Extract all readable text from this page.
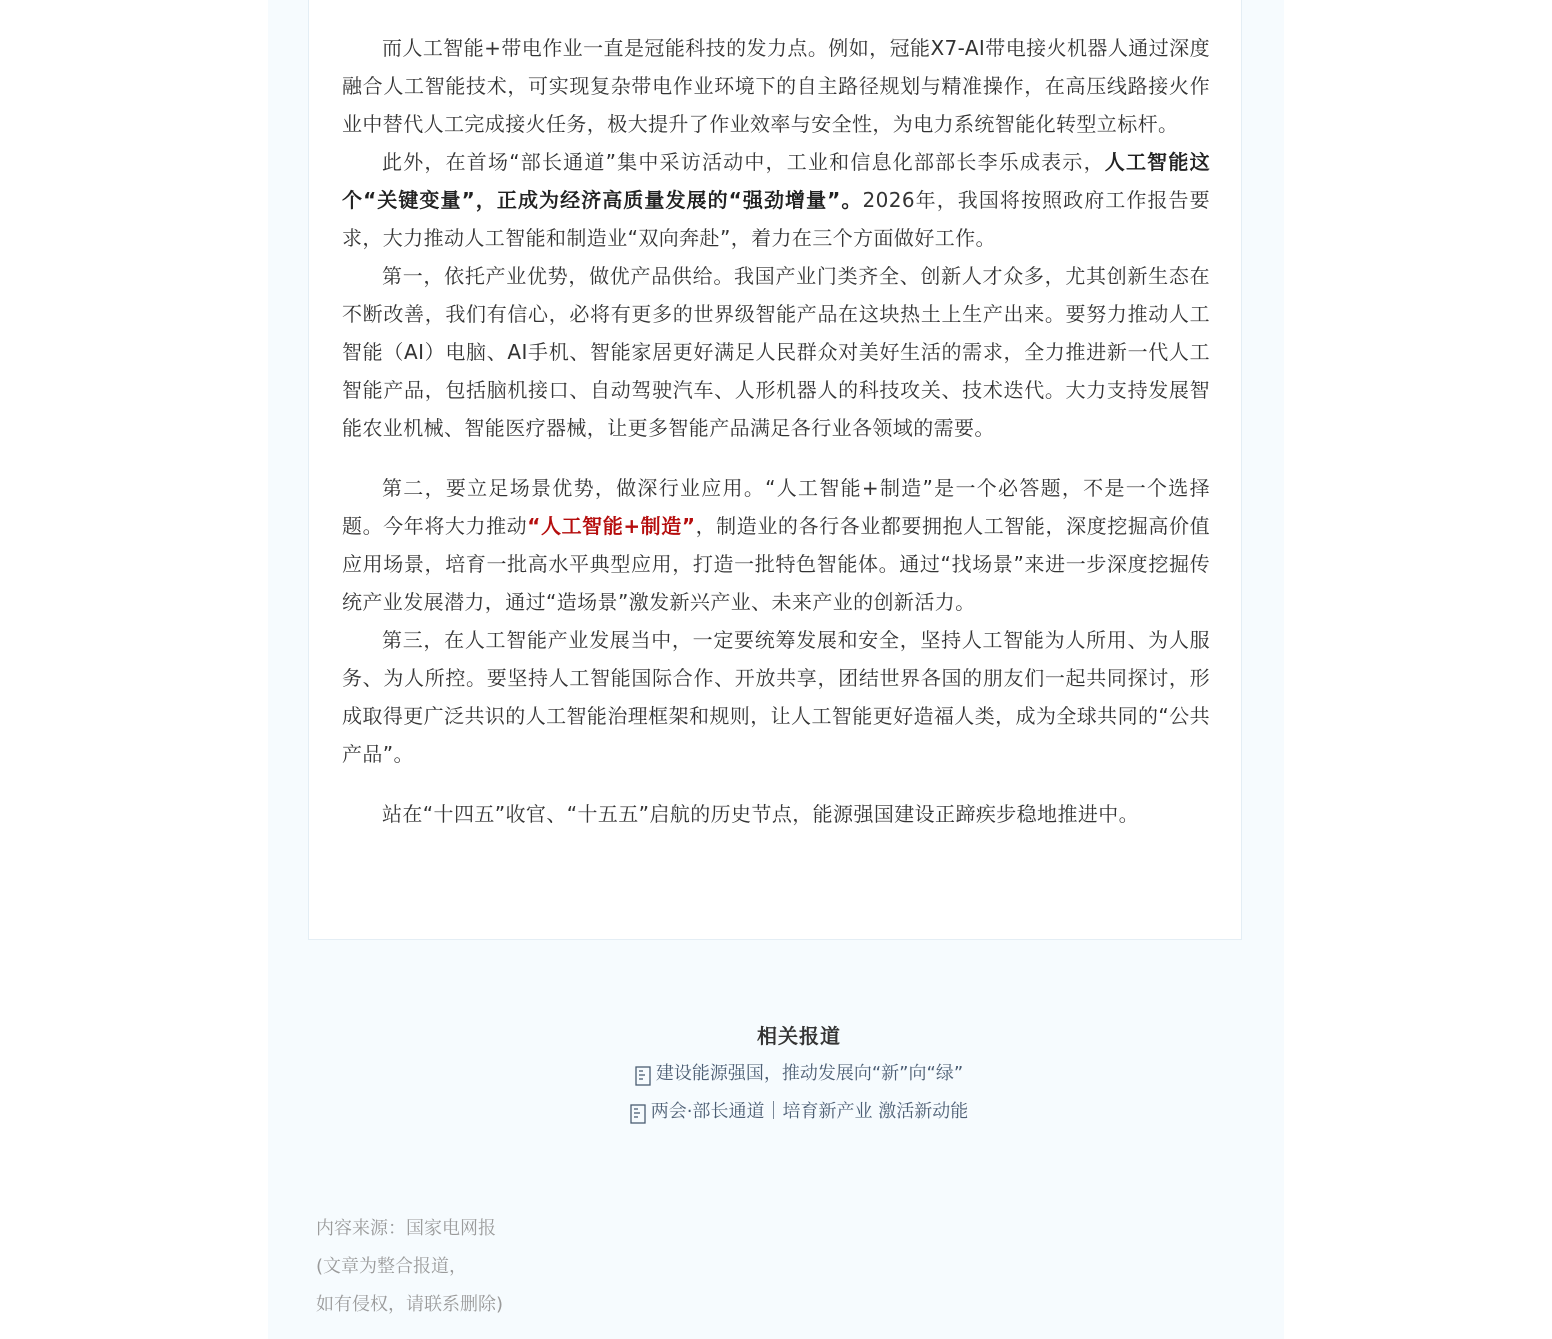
而人工智能+带电作业一直是冠能科技的发力点。例如，冠能X7-AI带电接火机器人通过深度融合人工智能技术，可实现复杂带电作业环境下的自主路径规划与精准操作，在高压线路接火作业中替代人工完成接火任务，极大提升了作业效率与安全性，为电力系统智能化转型立标杆。

此外，在首场“部长通道”集中采访活动中，工业和信息化部部长李乐成表示，人工智能这个“关键变量”，正成为经济高质量发展的“强劲增量”。2026年，我国将按照政府工作报告要求，大力推动人工智能和制造业“双向奔赴”，着力在三个方面做好工作。

第一，依托产业优势，做优产品供给。我国产业门类齐全、创新人才众多，尤其创新生态在不断改善，我们有信心，必将有更多的世界级智能产品在这块热土上生产出来。要努力推动人工智能（AI）电脑、AI手机、智能家居更好满足人民群众对美好生活的需求，全力推进新一代人工智能产品，包括脑机接口、自动驾驶汽车、人形机器人的科技攻关、技术迭代。大力支持发展智能农业机械、智能医疗器械，让更多智能产品满足各行业各领域的需要。

第二，要立足场景优势，做深行业应用。“人工智能+制造”是一个必答题，不是一个选择题。今年将大力推动“人工智能+制造”，制造业的各行各业都要拥抱人工智能，深度挖掘高价值应用场景，培育一批高水平典型应用，打造一批特色智能体。通过“找场景”来进一步深度挖掘传统产业发展潜力，通过“造场景”激发新兴产业、未来产业的创新活力。

第三，在人工智能产业发展当中，一定要统筹发展和安全，坚持人工智能为人所用、为人服务、为人所控。要坚持人工智能国际合作、开放共享，团结世界各国的朋友们一起共同探讨，形成取得更广泛共识的人工智能治理框架和规则，让人工智能更好造福人类，成为全球共同的“公共产品”。

站在“十四五”收官、“十五五”启航的历史节点，能源强国建设正蹄疾步稳地推进中。

相关报道
建设能源强国，推动发展向“新”向“绿”
两会·部长通道｜培育新产业 激活新动能
内容来源：国家电网报
(文章为整合报道，
如有侵权，请联系删除)
